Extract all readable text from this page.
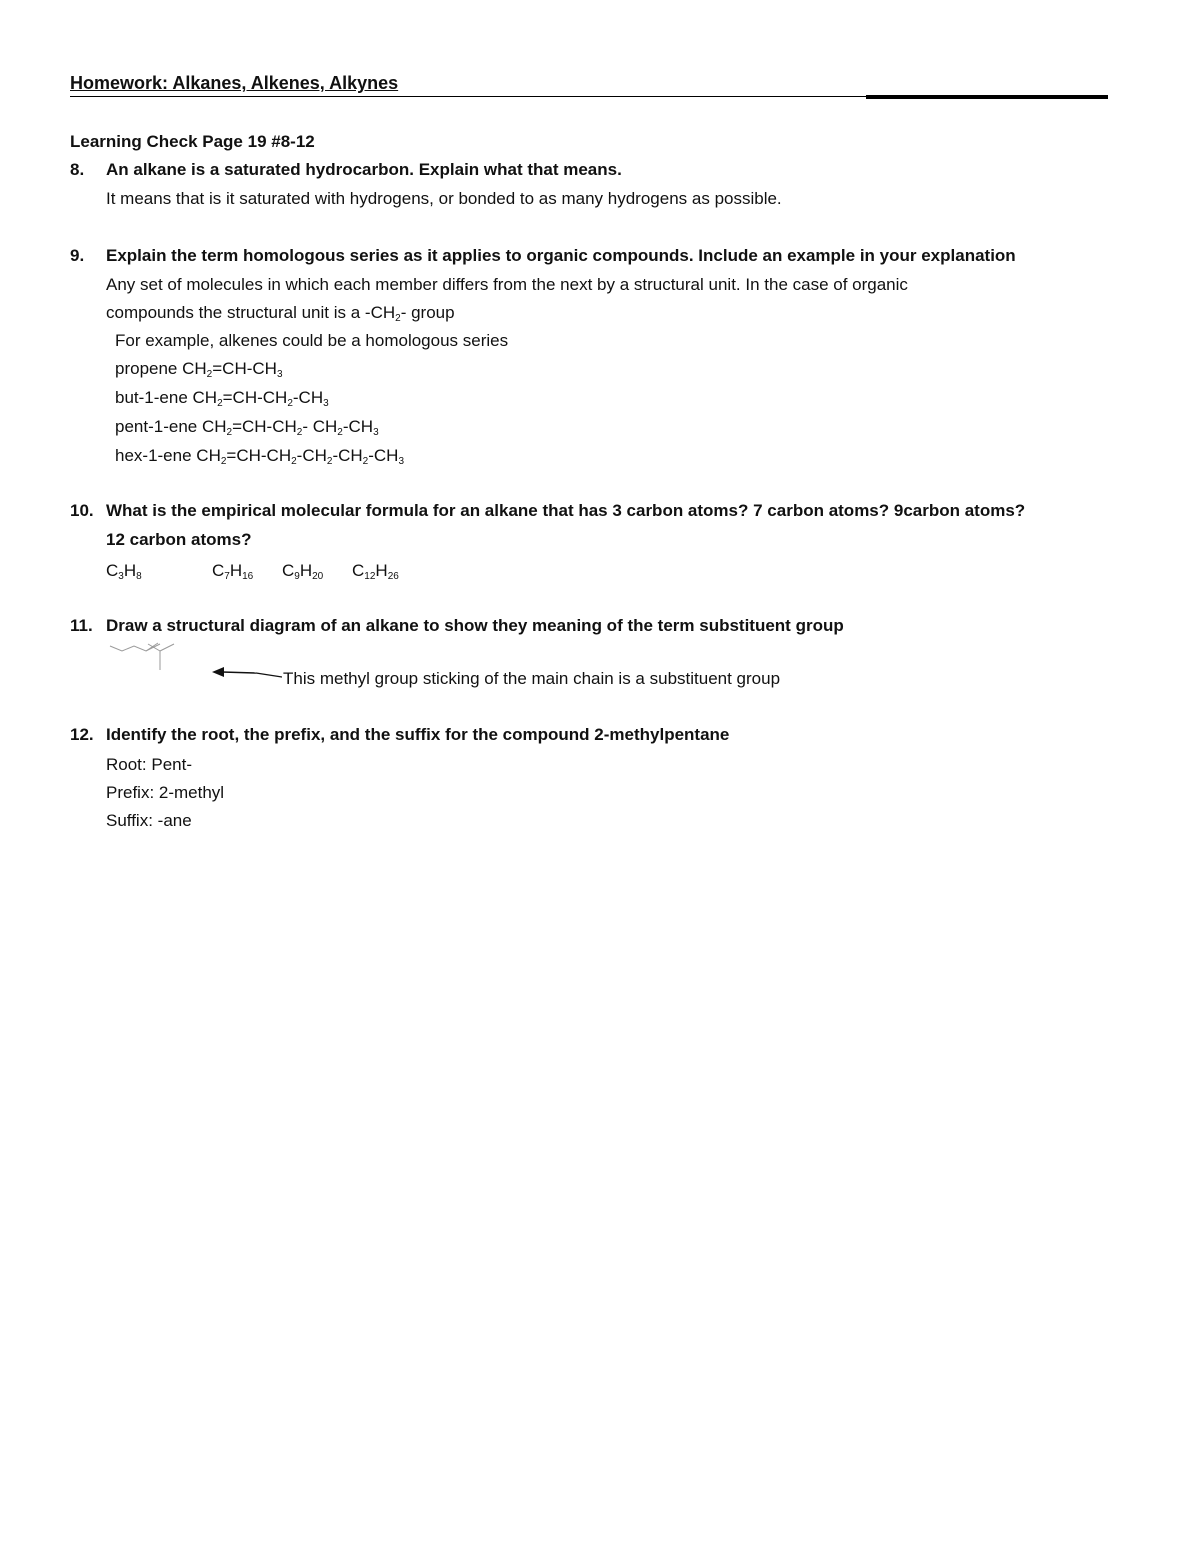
Homework: Alkanes, Alkenes, Alkynes
Learning Check Page 19 #8-12
8. An alkane is a saturated hydrocarbon. Explain what that means.
It means that is it saturated with hydrogens, or bonded to as many hydrogens as possible.
9. Explain the term homologous series as it applies to organic compounds. Include an example in your explanation
Any set of molecules in which each member differs from the next by a structural unit. In the case of organic
compounds the structural unit is a $-CH_2-$ group
For example, alkenes could be a homologous series
propene $CH_2=CH-CH_3$
but-1-ene $CH_2=CH-CH_2-CH_3$
pent-1-ene $CH_2=CH-CH_2-$ $CH_2-CH_3$
hex-1-ene $CH_2=CH-CH_2-CH_2-CH_2-CH_3$
10. What is the empirical molecular formula for an alkane that has 3 carbon atoms? 7 carbon atoms? 9carbon atoms?
12 carbon atoms?
$C_3H_8$	$C_7H_{16}$ $C_9H_{20}$ $C_{12}H_{26}$
11. Draw a structural diagram of an alkane to show they meaning of the term substituent group
This methyl group sticking of the main chain is a substituent group
12. Identify the root, the prefix, and the suffix for the compound 2-methylpentane
Root: Pent-
Prefix: 2-methyl
Suffix: -ane
